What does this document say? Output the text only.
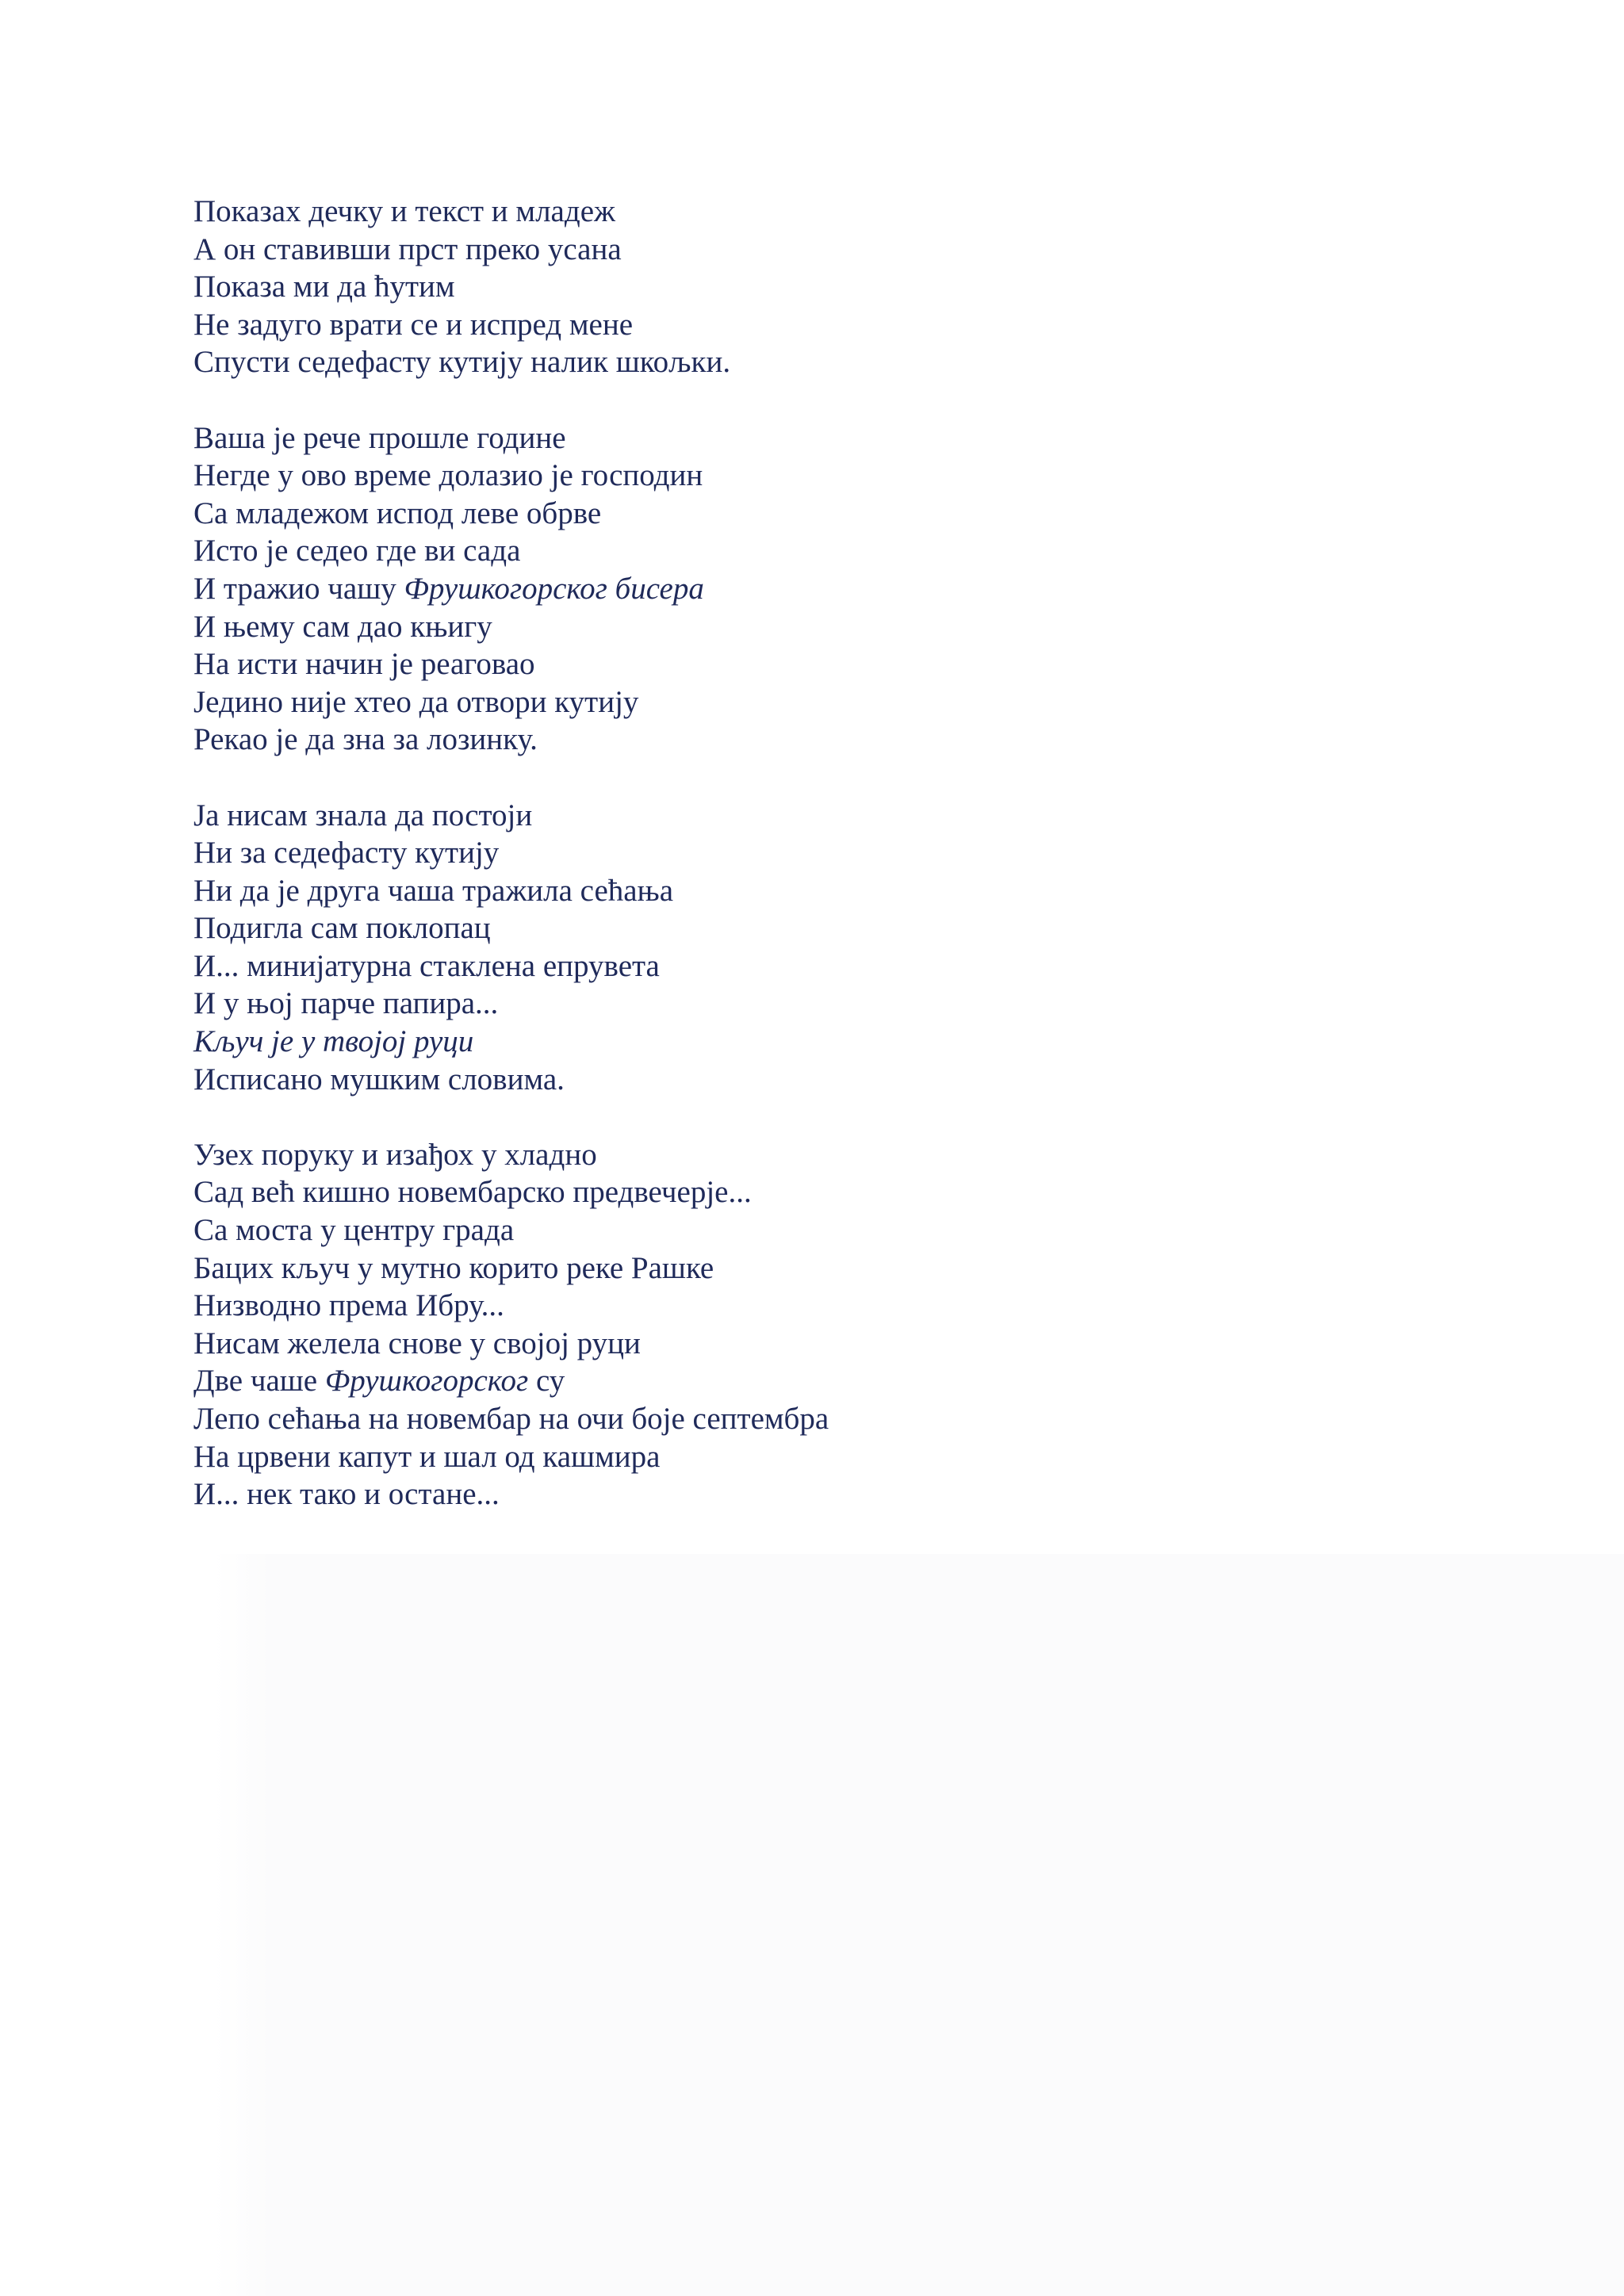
Показах дечку и текст и младеж
А он ставивши прст преко усана
Показа ми да ћутим
Не задуго врати се и испред мене
Спусти седефасту кутију налик шкољки.
Ваша је рече прошле године
Негде у ово време долазио је господин
Са младежом испод леве обрве
Исто је седео где ви сада
И тражио чашу Фрушкогорског бисера
И њему сам дао књигу
На исти начин је реаговао
Једино није хтео да отвори кутију
Рекао је да зна за лозинку.
Ја нисам знала да постоји
Ни за седефасту кутију
Ни да је друга чаша тражила сећања
Подигла сам поклопац
И... минијатурна стаклена епрувета
И у њој парче папира...
Кључ је у твојој руци
Исписано мушким словима.
Узех поруку и изађох у хладно
Сад већ кишно новембарско предвечерје...
Са моста у центру града
Бацих кључ у мутно корито реке Рашке
Низводно према Ибру...
Нисам желела снове у својој руци
Две чаше Фрушкогорског су
Лепо сећања на новембар на очи боје септембра
На црвени капут и шал од кашмира
И... нек тако и остане...
